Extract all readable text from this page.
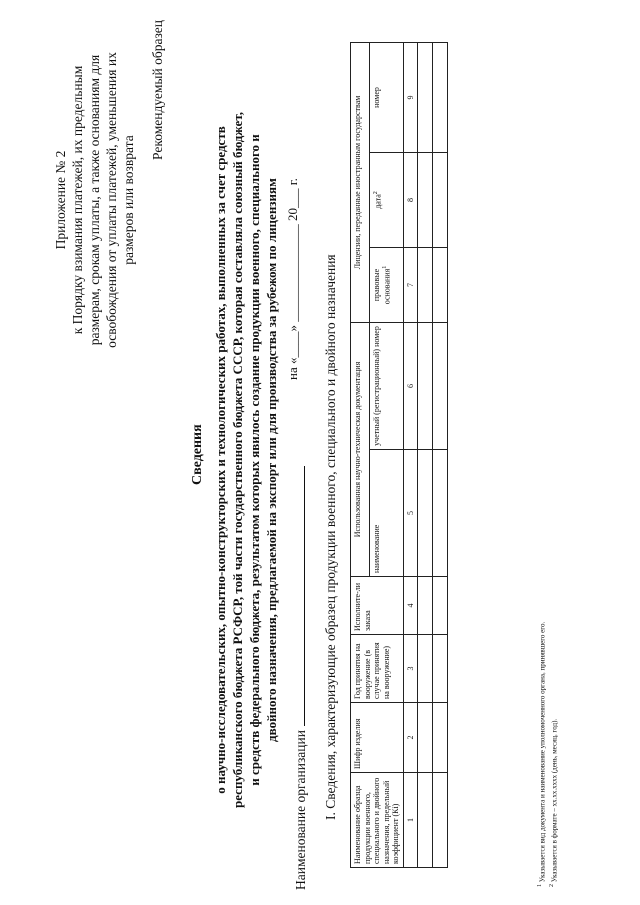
Приложение № 2 к Порядку взимания платежей, их предельным размерам, срокам уплаты, а также основаниям для освобождения от уплаты платежей, уменьшения их размеров или возврата
Рекомендуемый образец
Сведения о научно-исследовательских, опытно-конструкторских и технологических работах, выполненных за счет средств республиканского бюджета РСФСР, той части государственного бюджета СССР, которая составляла союзный бюджет, и средств федерального бюджета, результатом которых явилось создание продукции военного, специального и двойного назначения, предлагаемой на экспорт или для производства за рубежом по лицензиям на «____» _______________ 20___ г.
Наименование организации I. Сведения, характеризующие образец продукции военного, специального и двойного назначения
Наименование образца продукции военного, специального и двойного назначения, предельный коэффициент (Кi)	Шифр изделия	Год принятия на вооружение (в случае принятия на вооружение)	Исполните-ли заказа	Использованная научно-техническая документация		Лицензии, переданные иностранным государствам		
				наименование	учетный (регистрационный) номер	правовые основания$^1$	дата$^2$	номер
1	2	3	4	5	6	7	8	9

$^1$ Указывается вид документа и наименование уполномоченного органа, принявшего его.
$^2$ Указывается в формате – хх.хх.хххх (день, месяц, год).
